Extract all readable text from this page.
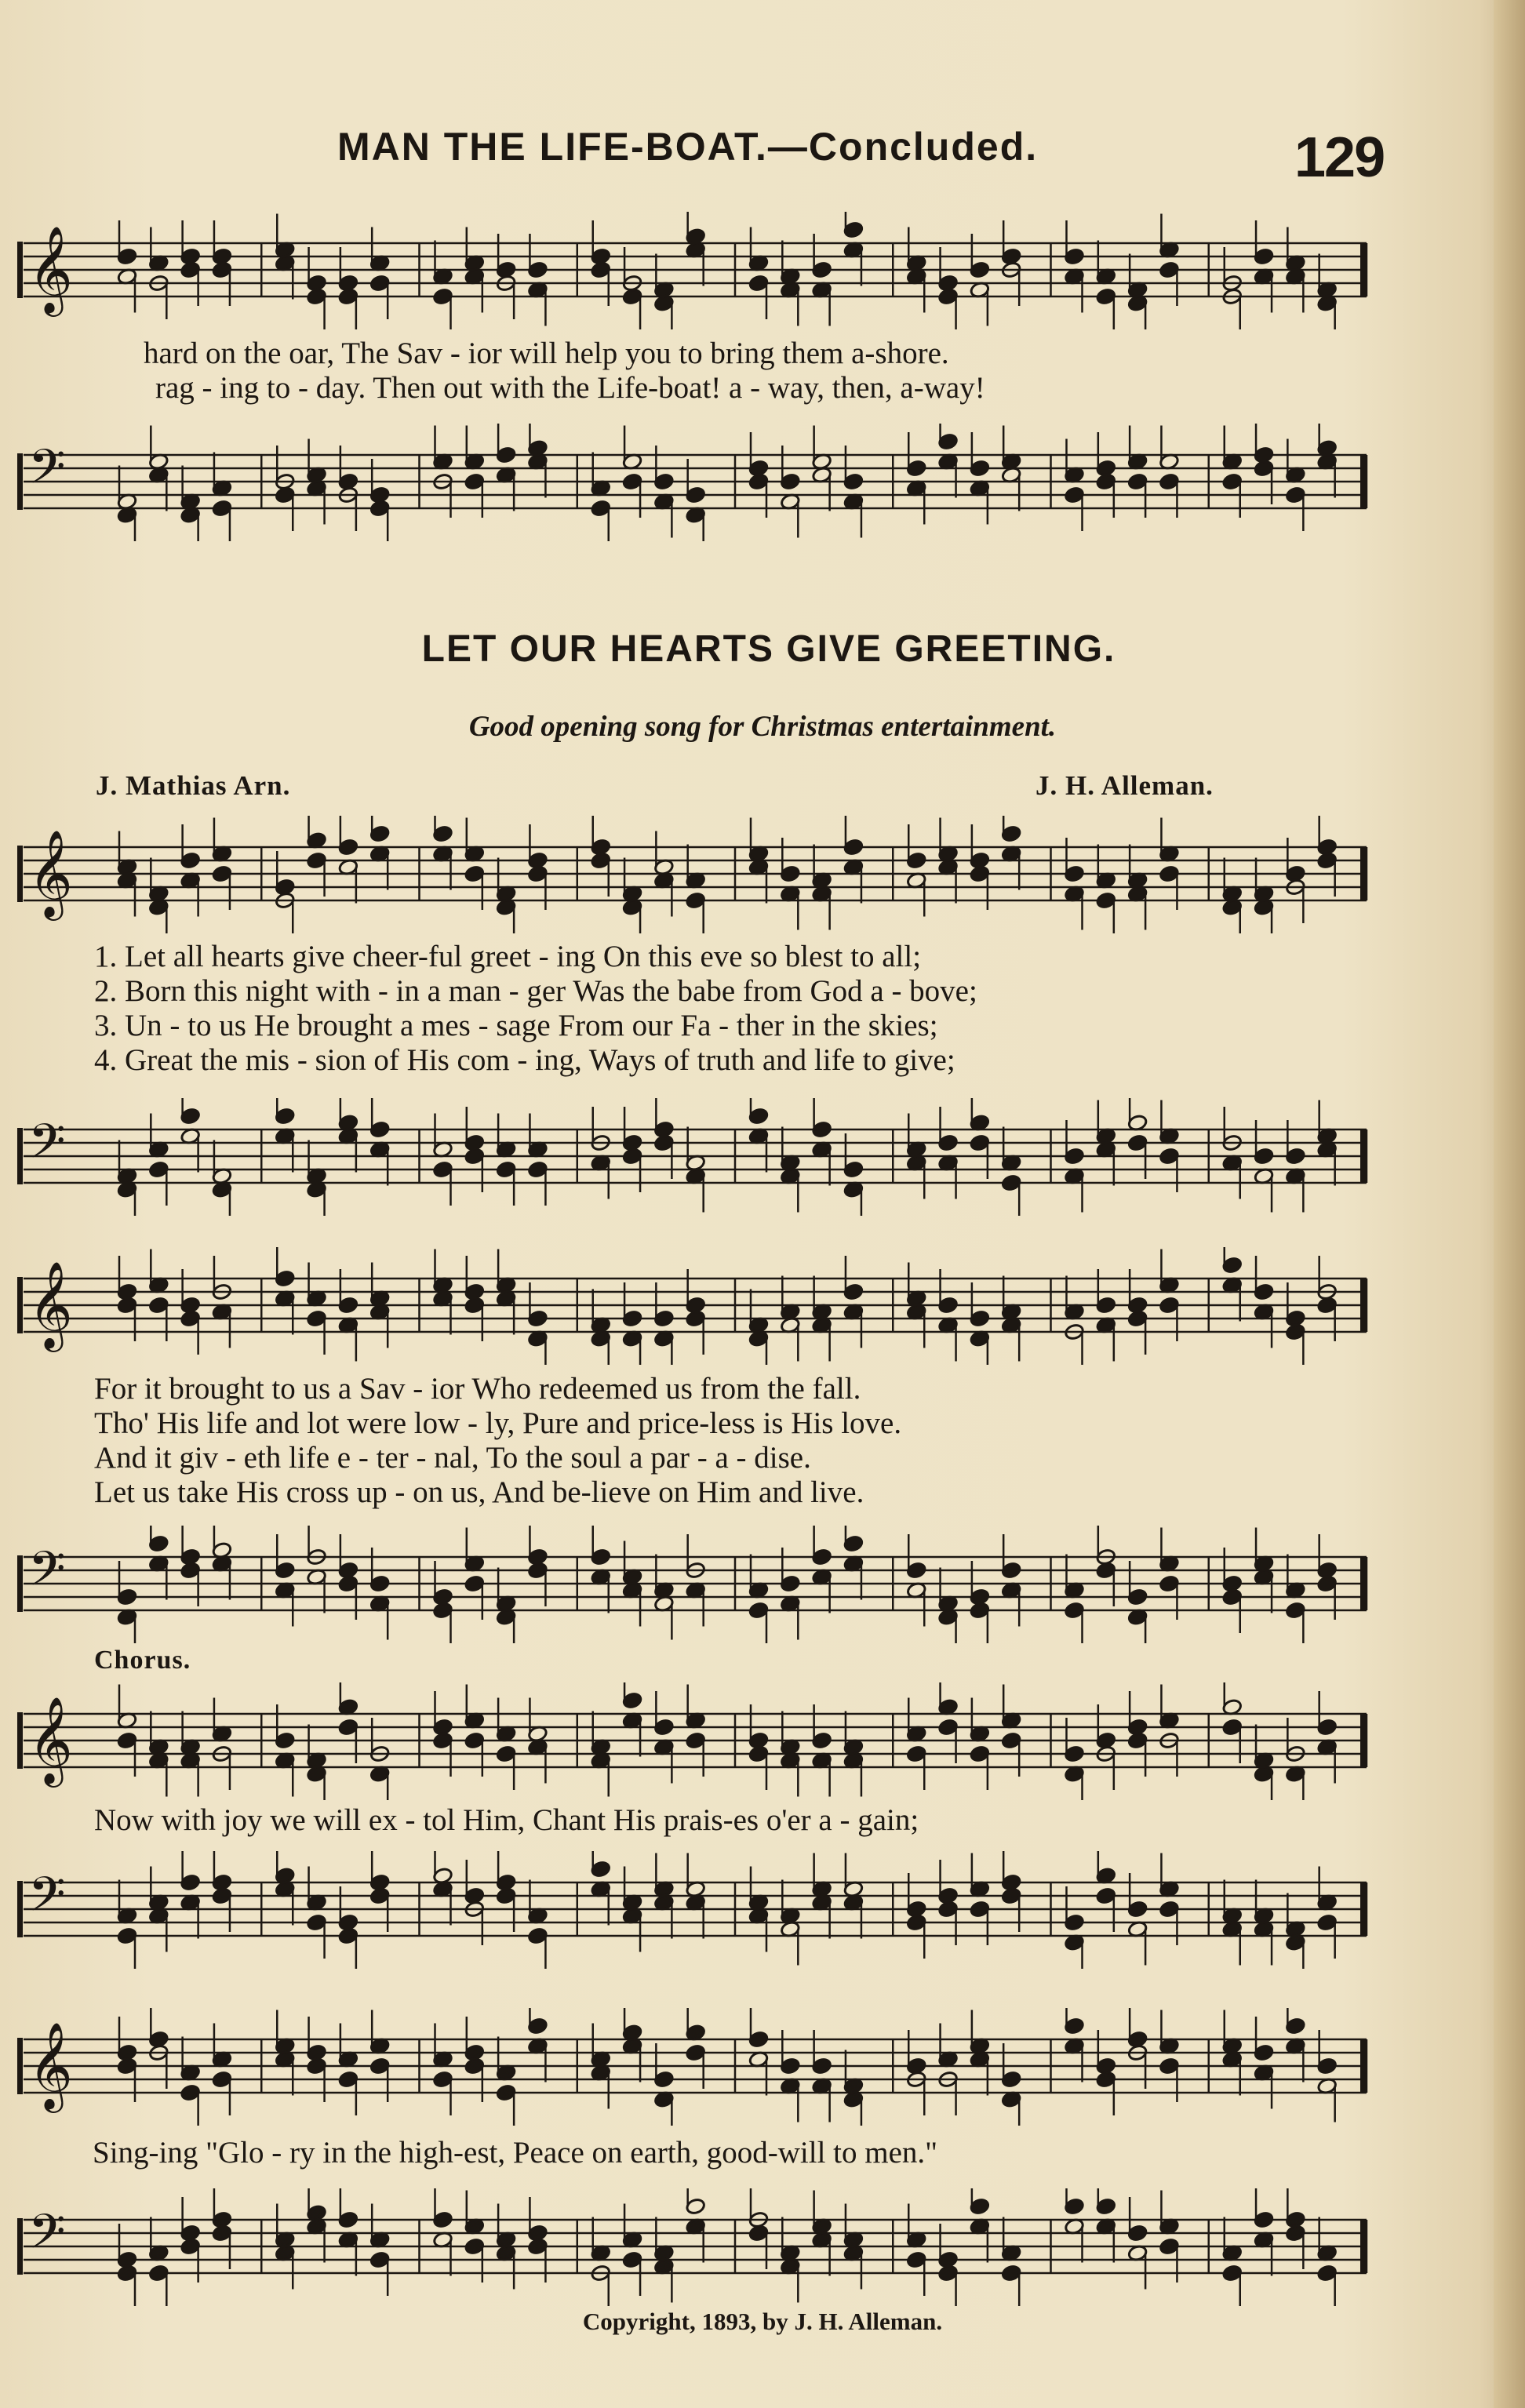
MAN THE LIFE-BOAT.—Concluded.	129
𝄞
hard on the oar, The Sav - ior will help you to bring them a-shore.
rag - ing to - day. Then out with the Life-boat! a - way, then, a-way!
𝄢
LET OUR HEARTS GIVE GREETING.
Good opening song for Christmas entertainment.
J. Mathias Arn.	J. H. Alleman.
𝄞
1. Let all hearts give cheer-ful greet - ing On this eve so blest to all;
2. Born this night with - in a man - ger Was the babe from God a - bove;
3. Un - to us He brought a mes - sage From our Fa - ther in the skies;
4. Great the mis - sion of His com - ing, Ways of truth and life to give;
𝄢
𝄞
For it brought to us a Sav - ior Who redeemed us from the fall.
Tho' His life and lot were low - ly, Pure and price-less is His love.
And it giv - eth life e - ter - nal, To the soul a par - a - dise.
Let us take His cross up - on us, And be-lieve on Him and live.
𝄢
Chorus.
𝄞
Now with joy we will ex - tol Him, Chant His prais-es o'er a - gain;
𝄢
𝄞
Sing-ing "Glo - ry in the high-est, Peace on earth, good-will to men."
𝄢
Copyright, 1893, by J. H. Alleman.
